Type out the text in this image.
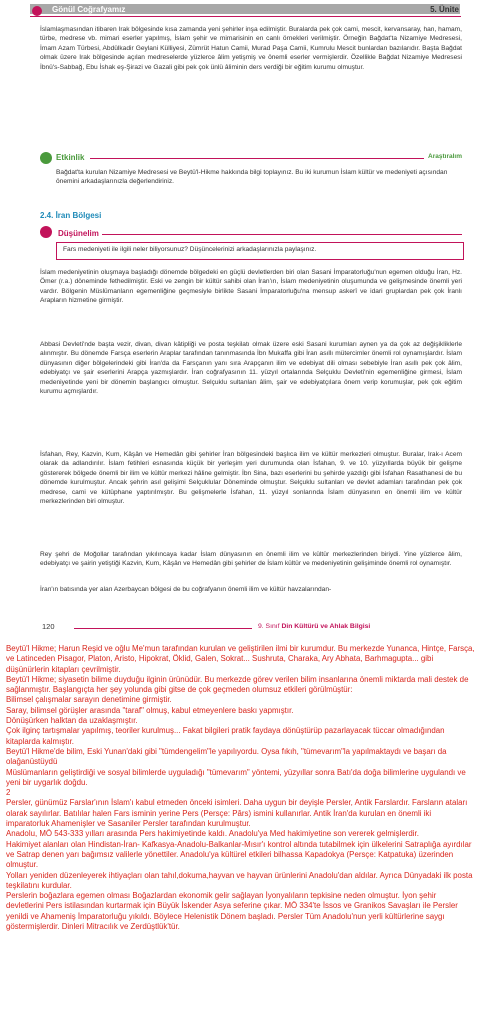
Gönül Coğrafyamız	5. Ünite

İslamlaşmasından itibaren Irak bölgesinde kısa zamanda yeni şehirler inşa edilmiştir. Buralarda pek çok cami, mescit, kervansaray, han, hamam, türbe, medrese vb. mimari eserler yapılmış, İslam şehir ve mimarisinin en canlı örnekleri verilmiştir. Örneğin Bağdat'ta Nizamiye Medresesi, İmam Azam Türbesi, Abdülkadir Geylani Külliyesi, Zümrüt Hatun Camii, Murad Paşa Camii, Kumrulu Mescit bunlardan bazılarıdır. Başta Bağdat olmak üzere Irak bölgesinde açılan medreselerde yüzlerce âlim yetişmiş ve önemli eserler vermişlerdir. Özellikle Bağdat Nizamiye Medresesi İbnü's-Sabbağ, Ebu İshak eş-Şirazi ve Gazali gibi pek çok ünlü âliminin ders verdiği bir eğitim kurumu olmuştur.

Etkinlik	Araştıralım

Bağdat'ta kurulan Nizamiye Medresesi ve Beytü'l-Hikme hakkında bilgi toplayınız. Bu iki kurumun İslam kültür ve medeniyeti açısından önemini arkadaşlarınızla değerlendiriniz.

2.4. İran Bölgesi
Düşünelim
Fars medeniyeti ile ilgili neler biliyorsunuz? Düşüncelerinizi arkadaşlarınızla paylaşınız.

İslam medeniyetinin oluşmaya başladığı dönemde bölgedeki en güçlü devletlerden biri olan Sasani İmparatorluğu'nun egemen olduğu İran, Hz. Ömer (r.a.) döneminde fethedilmiştir. Eski ve zengin bir kültür sahibi olan İran'ın, İslam medeniyetinin oluşumunda ve gelişmesinde önemli yeri vardır. Bölgenin Müslümanların egemenliğine geçmesiyle birlikte Sasani İmparatorluğu'na mensup askerî ve idari gruplardan pek çok İranlı Arapların hizmetine girmiştir.

Abbasi Devleti'nde başta vezir, divan, divan kâtipliği ve posta teşkilatı olmak üzere eski Sasani kurumları aynen ya da çok az değişikliklerle alınmıştır. Bu dönemde Farsça eserlerin Araplar tarafından tanınmasında İbn Mukaffa gibi İran asıllı mütercimler önemli rol oynamışlardır. İslam dünyasının diğer bölgelerindeki gibi İran'da da Farsçanın yanı sıra Arapçanın ilim ve edebiyat dili olması sebebiyle İran asıllı pek çok âlim, edebiyatçı ve şair eserlerini Arapça yazmışlardır. İran coğrafyasının 11. yüzyıl ortalarında Selçuklu Devleti'nin egemenliğine girmesi, İslam medeniyetinde yeni bir dönemin başlangıcı olmuştur. Selçuklu sultanları âlim, şair ve edebiyatçılara önem verip korumuşlar, pek çok eğitim kurumu açmışlardır.

İsfahan, Rey, Kazvin, Kum, Kâşân ve Hemedân gibi şehirler İran bölgesindeki başlıca ilim ve kültür merkezleri olmuştur. Buralar, Irak-ı Acem olarak da adlandırılır. İslam fetihleri esnasında küçük bir yerleşim yeri durumunda olan İsfahan, 9. ve 10. yüzyıllarda büyük bir gelişme göstererek bölgede önemli bir ilim ve kültür merkezi hâline gelmiştir. İbn Sina, bazı eserlerini bu şehirde yazdığı gibi İsfahan Rasathanesi de bu dönemde kurulmuştur. Ancak şehrin asıl gelişimi Selçuklular Döneminde olmuştur. Selçuklu sultanları ve devlet adamları tarafından pek çok medrese, cami ve kütüphane yaptırılmıştır. Bu gelişmelerle İsfahan, 11. yüzyıl sonlarında İslam dünyasının en önemli ilim ve kültür merkezlerinden biri olmuştur.

Rey şehri de Moğollar tarafından yıkılıncaya kadar İslam dünyasının en önemli ilim ve kültür merkezlerinden biriydi. Yine yüzlerce âlim, edebiyatçı ve şairin yetiştiği Kazvin, Kum, Kâşân ve Hemedân gibi şehirler de İslam kültür ve medeniyetinin gelişiminde önemli rol oynamıştır.

İran'ın batısında yer alan Azerbaycan bölgesi de bu coğrafyanın önemli ilim ve kültür havzalarından-

120	9. Sınıf Din Kültürü ve Ahlak Bilgisi
Beytü'l Hikme; Harun Reşid ve oğlu Me'mun tarafından kurulan ve geliştirilen ilmi bir kurumdur. Bu merkezde Yunanca, Hintçe, Farsça, ve Latinceden Pisagor, Platon, Aristo, Hipokrat, Öklid, Galen, Sokrat... Sushruta, Charaka, Ary Abhata, Barhmagupta... gibi düşünürlerin kitapları çevrilmiştir.
Beytü'l Hikme; siyasetin bilime duyduğu ilginin ürünüdür. Bu merkezde görev verilen bilim insanlarına önemli miktarda mali destek de sağlanmıştır. Başlangıçta her şey yolunda gibi gitse de çok geçmeden olumsuz etkileri görülmüştür:
Bilimsel çalışmalar sarayın denetimine girmiştir.
Saray, bilimsel görüşler arasında "taraf" olmuş, kabul etmeyenlere baskı yapmıştır.
Dönüşürken halktan da uzaklaşmıştır.
Çok ilginç tartışmalar yapılmış, teoriler kurulmuş... Fakat bilgileri pratik faydaya dönüştürüp pazarlayacak tüccar olmadığından kitaplarda kalmıştır.
Beytü'l Hikme'de bilim, Eski Yunan'daki gibi "tümdengelim"le yapılıyordu. Oysa fıkıh, "tümevarım"la yapılmaktaydı ve başarı da olağanüstüydü
Müslümanların geliştirdiği ve sosyal bilimlerde uyguladığı "tümevarım" yöntemi, yüzyıllar sonra Batı'da doğa bilimlerine uygulandı ve yeni bir uygarlık doğdu.
2
Persler, günümüz Farslar'ının İslam'ı kabul etmeden önceki isimleri. Daha uygun bir deyişle Persler, Antik Farslardır. Farsların ataları olarak sayılırlar. Batılılar halen Fars isminin yerine Pers (Persçe: Pârs) ismini kullanırlar. Antik İran'da kurulan en önemli iki imparatorluk Ahamenişler ve Sasaniler Persler tarafından kurulmuştur.
Anadolu, MÖ 543-333 yılları arasında Pers hakimiyetinde kaldı. Anadolu'ya Med hakimiyetine son vererek gelmişlerdir.
Hakimiyet alanları olan Hindistan-İran- Kafkasya-Anadolu-Balkanlar-Mısır'ı kontrol altında tutabilmek için ülkelerini Satraplığa ayırdılar ve Satrap denen yarı bağımsız valilerle yönettiler. Anadolu'ya kültürel etkileri bilhassa Kapadokya (Persçe: Katpatuka) üzerinden olmuştur.
Yolları yeniden düzenleyerek ihtiyaçları olan tahıl,dokuma,hayvan ve hayvan ürünlerini Anadolu'dan aldılar. Ayrıca Dünyadaki ilk posta teşkilatını kurdular.
Perslerin boğazlara egemen olması Boğazlardan ekonomik gelir sağlayan İyonyalıların tepkisine neden olmuştur. İyon şehir devletlerini Pers istilasından kurtarmak için Büyük İskender Asya seferine çıkar. MÖ 334'te İssos ve Granikos Savaşları ile Persler yenildi ve Ahameniş İmparatorluğu yıkıldı. Böylece Helenistik Dönem başladı. Persler Tüm Anadolu'nun yerli kültürlerine saygı göstermişlerdir. Dinleri Mitracılık ve Zerdüştlük'tür.
